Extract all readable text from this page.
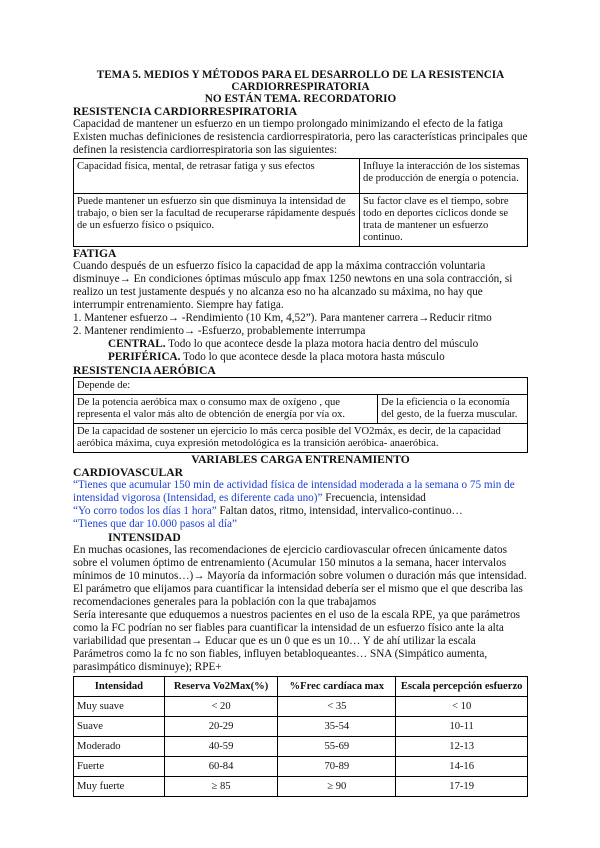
TEMA 5. MEDIOS Y MÉTODOS PARA EL DESARROLLO DE LA RESISTENCIA
CARDIORRESPIRATORIA
NO ESTÁN TEMA. RECORDATORIO
RESISTENCIA CARDIORRESPIRATORIA

Capacidad de mantener un esfuerzo en un tiempo prolongado minimizando el efecto de la fatiga

Existen muchas definiciones de resistencia cardiorrespiratoria, pero las características principales que definen la resistencia cardiorrespiratoria son las siguientes:

Capacidad física, mental, de retrasar fatiga y sus efectos	Influye la interacción de los sistemas de producción de energía o potencia.
Puede mantener un esfuerzo sin que disminuya la intensidad de trabajo, o bien ser la facultad de recuperarse rápidamente después de un esfuerzo físico o psíquico.	Su factor clave es el tiempo, sobre todo en deportes cíclicos donde se trata de mantener un esfuerzo continuo.
FATIGA

Cuando después de un esfuerzo físico la capacidad de app la máxima contracción voluntaria disminuye→ En condiciones óptimas músculo app fmax 1250 newtons en una sola contracción, si realizo un test justamente después y no alcanza eso no ha alcanzado su máxima, no hay que interrumpir entrenamiento. Siempre hay fatiga.

1. Mantener esfuerzo→ -Rendimiento (10 Km, 4,52”). Para mantener carrera→Reducir ritmo

2. Mantener rendimiento→ -Esfuerzo, probablemente interrumpa

CENTRAL. Todo lo que acontece desde la plaza motora hacia dentro del músculo

PERIFÉRICA. Todo lo que acontece desde la placa motora hasta músculo

RESISTENCIA AERÓBICA
Depende de:
De la potencia aeróbica max o consumo max de oxígeno , que representa el valor más alto de obtención de energía por vía ox.	De la eficiencia o la economía del gesto, de la fuerza muscular.
De la capacidad de sostener un ejercicio lo más cerca posible del VO2máx, es decir, de la capacidad aeróbica máxima, cuya expresión metodológica es la transición aeróbica- anaeróbica.
VARIABLES CARGA ENTRENAMIENTO
CARDIOVASCULAR

“Tienes que acumular 150 min de actividad física de intensidad moderada a la semana o 75 min de intensidad vigorosa (Intensidad, es diferente cada uno)” Frecuencia, intensidad

“Yo corro todos los días 1 hora” Faltan datos, ritmo, intensidad, intervalico-continuo…

“Tienes que dar 10.000 pasos al día”

INTENSIDAD

En muchas ocasiones, las recomendaciones de ejercicio cardiovascular ofrecen únicamente datos sobre el volumen óptimo de entrenamiento (Acumular 150 minutos a la semana, hacer intervalos mínimos de 10 minutos…)→ Mayoría da información sobre volumen o duración más que intensidad.

El parámetro que elijamos para cuantificar la intensidad debería ser el mismo que el que describa las recomendaciones generales para la población con la que trabajamos

Sería interesante que eduquemos a nuestros pacientes en el uso de la escala RPE, ya que parámetros como la FC podrían no ser fiables para cuantificar la intensidad de un esfuerzo físico ante la alta variabilidad que presentan→ Educar que es un 0 que es un 10… Y de ahí utilizar la escala

Parámetros como la fc no son fiables, influyen betabloqueantes… SNA (Simpático aumenta, parasimpático disminuye); RPE+

Intensidad	Reserva Vo2Max(%)	%Frec cardíaca max	Escala percepción esfuerzo
Muy suave	< 20	< 35	< 10
Suave	20-29	35-54	10-11
Moderado	40-59	55-69	12-13
Fuerte	60-84	70-89	14-16
Muy fuerte	≥ 85	≥ 90	17-19
